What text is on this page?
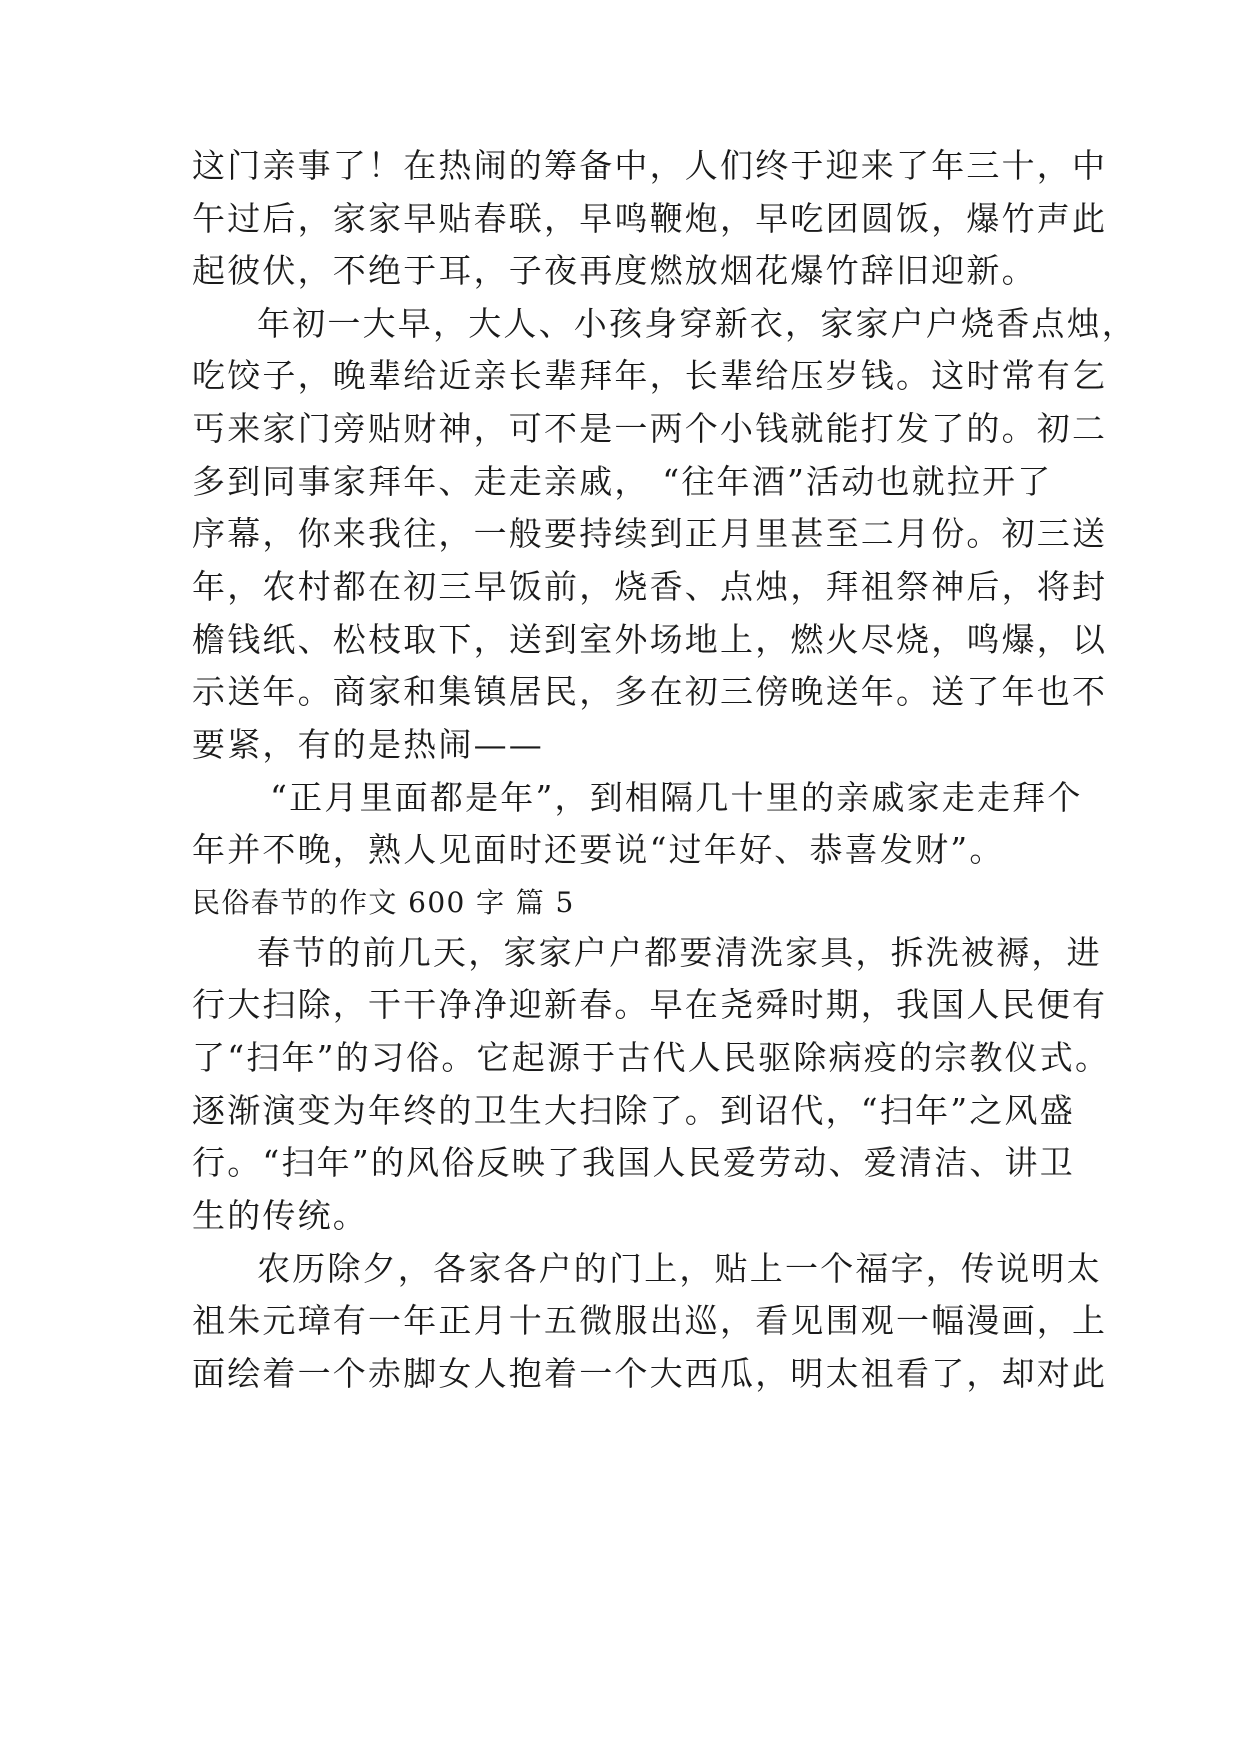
这门亲事了！在热闹的筹备中，人们终于迎来了年三十，中
午过后，家家早贴春联，早鸣鞭炮，早吃团圆饭，爆竹声此
起彼伏，不绝于耳，子夜再度燃放烟花爆竹辞旧迎新。
年初一大早，大人、小孩身穿新衣，家家户户烧香点烛，
吃饺子，晚辈给近亲长辈拜年，长辈给压岁钱。这时常有乞
丐来家门旁贴财神，可不是一两个小钱就能打发了的。初二
多到同事家拜年、走走亲戚， “往年酒”活动也就拉开了
序幕，你来我往，一般要持续到正月里甚至二月份。初三送
年，农村都在初三早饭前，烧香、点烛，拜祖祭神后，将封
檐钱纸、松枝取下，送到室外场地上，燃火尽烧，鸣爆，以
示送年。商家和集镇居民，多在初三傍晚送年。送了年也不
要紧，有的是热闹——
“正月里面都是年”，到相隔几十里的亲戚家走走拜个
年并不晚，熟人见面时还要说“过年好、恭喜发财”。
民俗春节的作文 600 字 篇 5
春节的前几天，家家户户都要清洗家具，拆洗被褥，进
行大扫除，干干净净迎新春。早在尧舜时期，我国人民便有
了“扫年”的习俗。它起源于古代人民驱除病疫的宗教仪式。
逐渐演变为年终的卫生大扫除了。到诏代，“扫年”之风盛
行。“扫年”的风俗反映了我国人民爱劳动、爱清洁、讲卫
生的传统。
农历除夕，各家各户的门上，贴上一个福字，传说明太
祖朱元璋有一年正月十五微服出巡，看见围观一幅漫画，上
面绘着一个赤脚女人抱着一个大西瓜，明太祖看了，却对此
